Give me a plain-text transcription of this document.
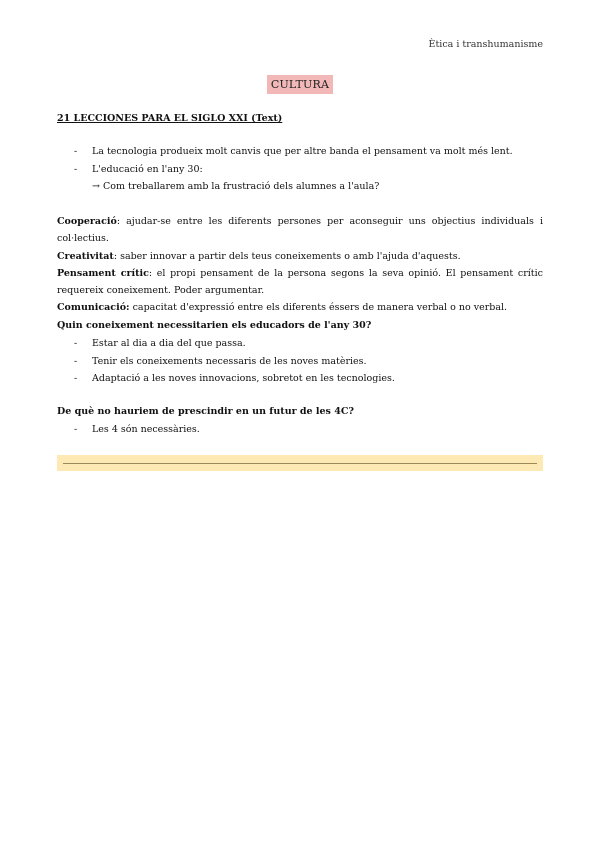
Ètica i transhumanisme
CULTURA
21 LECCIONES PARA EL SIGLO XXI (Text)
- La tecnologia produeix molt canvis que per altre banda el pensament va molt més lent.
- L'educació en l'any 30:
→ Com treballarem amb la frustració dels alumnes a l'aula?

Cooperació: ajudar-se entre les diferents persones per aconseguir uns objectius individuals i col·lectius.

Creativitat: saber innovar a partir dels teus coneixements o amb l'ajuda d'aquests.

Pensament crític: el propi pensament de la persona segons la seva opinió. El pensament crític requereix coneixement. Poder argumentar.

Comunicació: capacitat d'expressió entre els diferents éssers de manera verbal o no verbal.

Quin coneixement necessitarien els educadors de l'any 30?
- Estar al dia a dia del que passa.
- Tenir els coneixements necessaris de les noves matèries.
- Adaptació a les noves innovacions, sobretot en les tecnologies.
De què no hauriem de prescindir en un futur de les 4C?
- Les 4 són necessàries.
